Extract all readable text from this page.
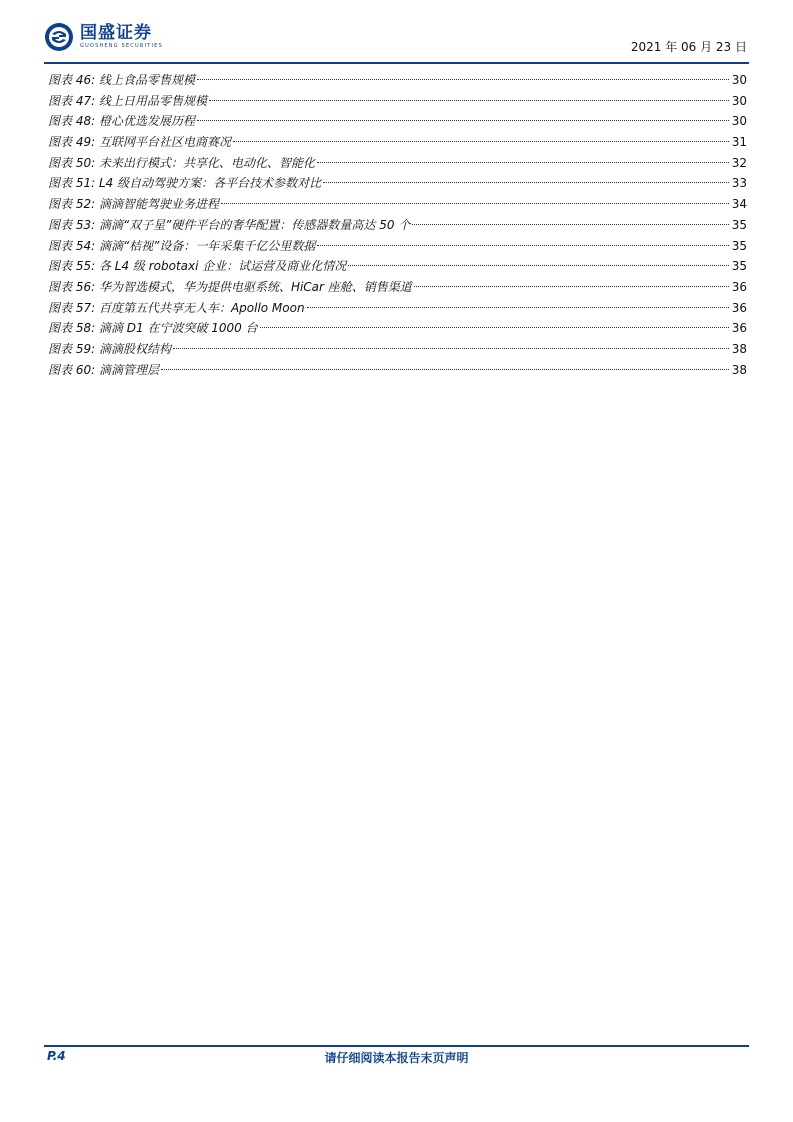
国盛证券
GUOSHENG SECURITIES	2021 年 06 月 23 日
图表 46: 线上食品零售规模	30
图表 47: 线上日用品零售规模	30
图表 48: 橙心优选发展历程	30
图表 49: 互联网平台社区电商赛况	31
图表 50: 未来出行模式：共享化、电动化、智能化	32
图表 51: L4 级自动驾驶方案：各平台技术参数对比	33
图表 52: 滴滴智能驾驶业务进程	34
图表 53: 滴滴“双子星”硬件平台的奢华配置：传感器数量高达 50 个	35
图表 54: 滴滴“桔视”设备：一年采集千亿公里数据	35
图表 55: 各 L4 级 robotaxi 企业：试运营及商业化情况	35
图表 56: 华为智选模式，华为提供电驱系统、HiCar 座舱、销售渠道	36
图表 57: 百度第五代共享无人车：Apollo Moon	36
图表 58: 滴滴 D1 在宁波突破 1000 台	36
图表 59: 滴滴股权结构	38
图表 60: 滴滴管理层	38
P.4	请仔细阅读本报告末页声明
